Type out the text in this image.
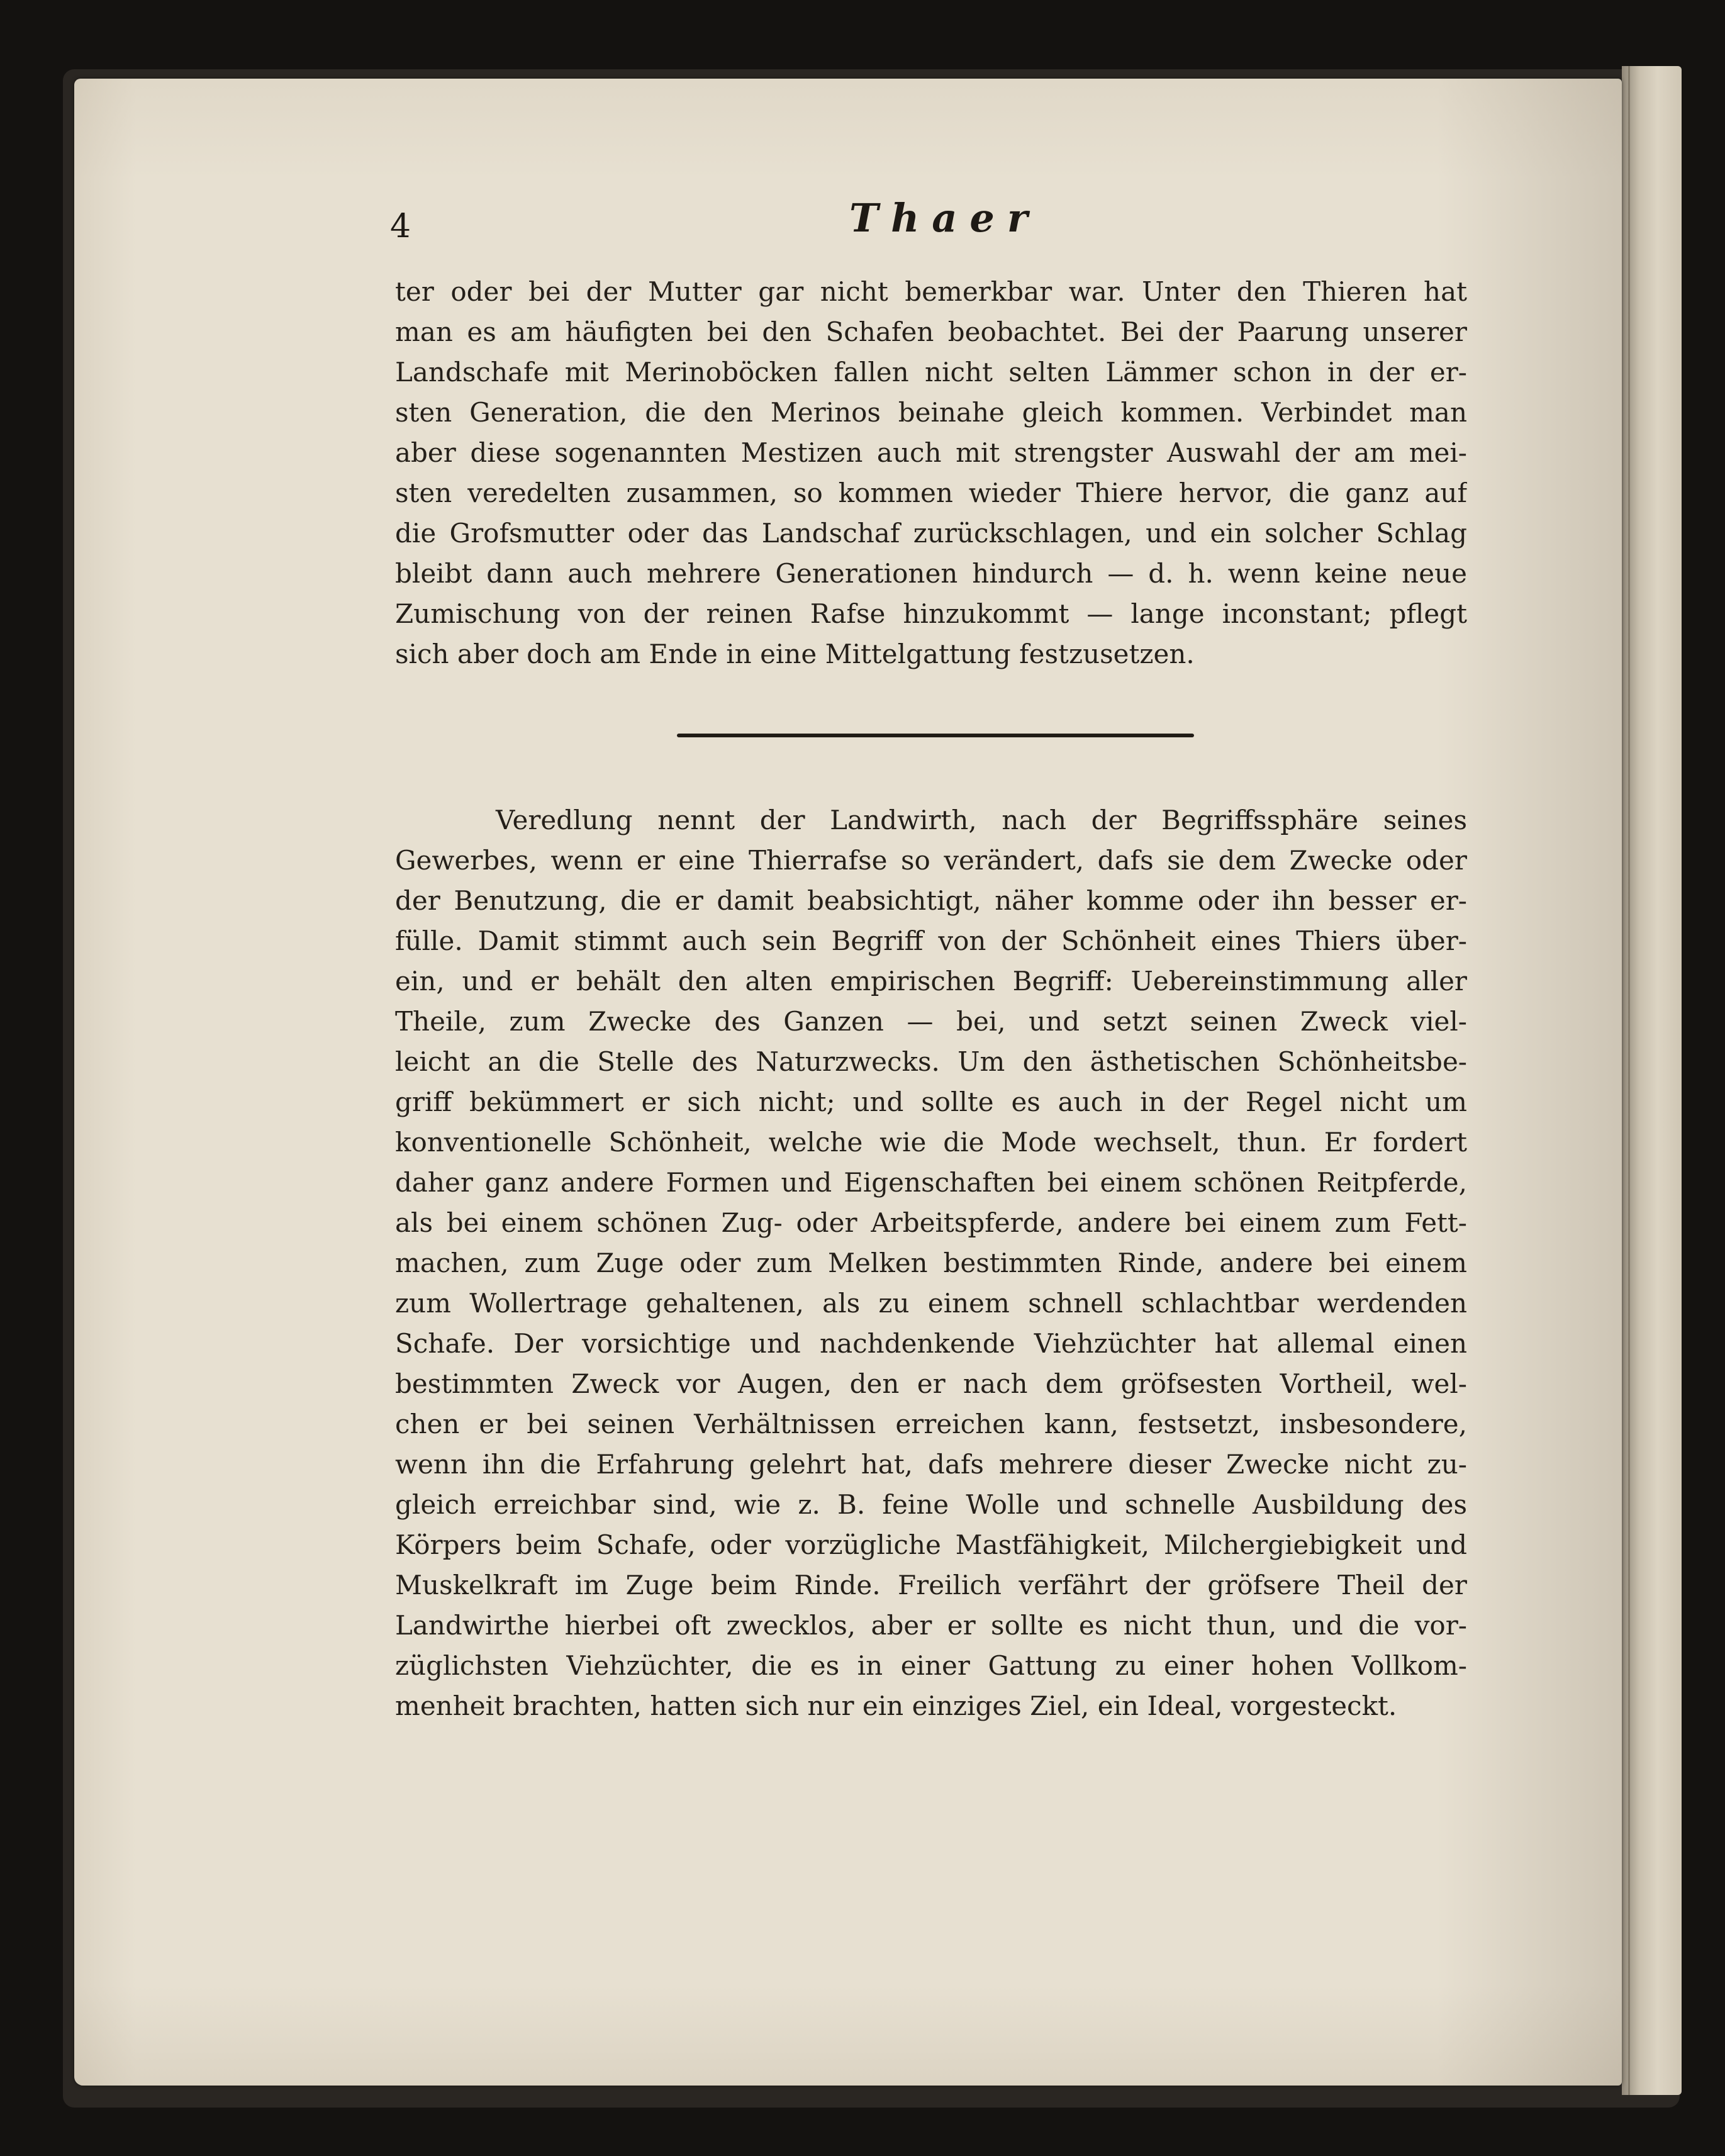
4	Thaer
ter oder bei der Mutter gar nicht bemerkbar war. Unter den Thieren hat
man es am häufigten bei den Schafen beobachtet. Bei der Paarung unserer
Landschafe mit Merinoböcken fallen nicht selten Lämmer schon in der er-
sten Generation, die den Merinos beinahe gleich kommen. Verbindet man
aber diese sogenannten Mestizen auch mit strengster Auswahl der am mei-
sten veredelten zusammen, so kommen wieder Thiere hervor, die ganz auf
die Grofsmutter oder das Landschaf zurückschlagen, und ein solcher Schlag
bleibt dann auch mehrere Generationen hindurch — d. h. wenn keine neue
Zumischung von der reinen Rafse hinzukommt — lange inconstant; pflegt
sich aber doch am Ende in eine Mittelgattung festzusetzen.
Veredlung nennt der Landwirth, nach der Begriffssphäre seines
Gewerbes, wenn er eine Thierrafse so verändert, dafs sie dem Zwecke oder
der Benutzung, die er damit beabsichtigt, näher komme oder ihn besser er-
fülle. Damit stimmt auch sein Begriff von der Schönheit eines Thiers über-
ein, und er behält den alten empirischen Begriff: Uebereinstimmung aller
Theile, zum Zwecke des Ganzen — bei, und setzt seinen Zweck viel-
leicht an die Stelle des Naturzwecks. Um den ästhetischen Schönheitsbe-
griff bekümmert er sich nicht; und sollte es auch in der Regel nicht um
konventionelle Schönheit, welche wie die Mode wechselt, thun. Er fordert
daher ganz andere Formen und Eigenschaften bei einem schönen Reitpferde,
als bei einem schönen Zug- oder Arbeitspferde, andere bei einem zum Fett-
machen, zum Zuge oder zum Melken bestimmten Rinde, andere bei einem
zum Wollertrage gehaltenen, als zu einem schnell schlachtbar werdenden
Schafe. Der vorsichtige und nachdenkende Viehzüchter hat allemal einen
bestimmten Zweck vor Augen, den er nach dem gröfsesten Vortheil, wel-
chen er bei seinen Verhältnissen erreichen kann, festsetzt, insbesondere,
wenn ihn die Erfahrung gelehrt hat, dafs mehrere dieser Zwecke nicht zu-
gleich erreichbar sind, wie z. B. feine Wolle und schnelle Ausbildung des
Körpers beim Schafe, oder vorzügliche Mastfähigkeit, Milchergiebigkeit und
Muskelkraft im Zuge beim Rinde. Freilich verfährt der gröfsere Theil der
Landwirthe hierbei oft zwecklos, aber er sollte es nicht thun, und die vor-
züglichsten Viehzüchter, die es in einer Gattung zu einer hohen Vollkom-
menheit brachten, hatten sich nur ein einziges Ziel, ein Ideal, vorgesteckt.
